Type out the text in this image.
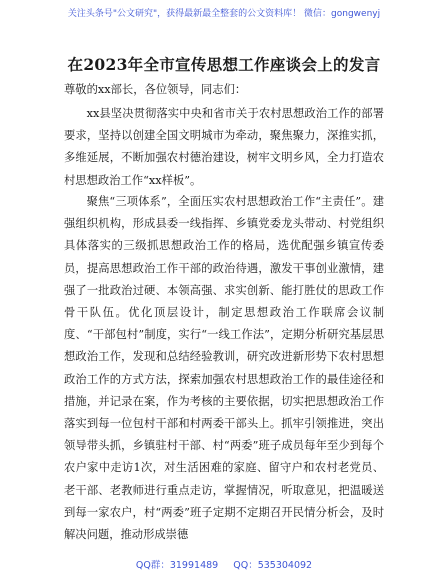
关注头条号"公文研究"，获得最新最全整套的公文资料库！ 微信：gongwenyj
在2023年全市宣传思想工作座谈会上的发言
尊敬的xx部长，各位领导，同志们：
xx县坚决贯彻落实中央和省市关于农村思想政治工作的部署要求，坚持以创建全国文明城市为牵动，聚焦聚力，深推实抓，多维延展，不断加强农村德治建设，树牢文明乡风，全力打造农村思想政治工作“xx样板”。
聚焦“三项体系”，全面压实农村思想政治工作“主责任”。建强组织机构，形成县委一线指挥、乡镇党委龙头带动、村党组织具体落实的三级抓思想政治工作的格局，选优配强乡镇宣传委员，提高思想政治工作干部的政治待遇，激发干事创业激情，建强了一批政治过硬、本领高强、求实创新、能打胜仗的思政工作骨干队伍。优化顶层设计，制定思想政治工作联席会议制度、“干部包村”制度，实行“一线工作法”，定期分析研究基层思想政治工作，发现和总结经验教训，研究改进新形势下农村思想政治工作的方式方法，探索加强农村思想政治工作的最佳途径和措施，并记录在案，作为考核的主要依据，切实把思想政治工作落实到每一位包村干部和村两委干部头上。抓牢引领推进，突出领导带头抓，乡镇驻村干部、村“两委”班子成员每年至少到每个农户家中走访1次，对生活困难的家庭、留守户和农村老党员、老干部、老教师进行重点走访，掌握情况，听取意见，把温暖送到每一家农户，村“两委”班子定期不定期召开民情分析会，及时解决问题，推动形成崇德
QQ群：31991489 QQ：535304092
